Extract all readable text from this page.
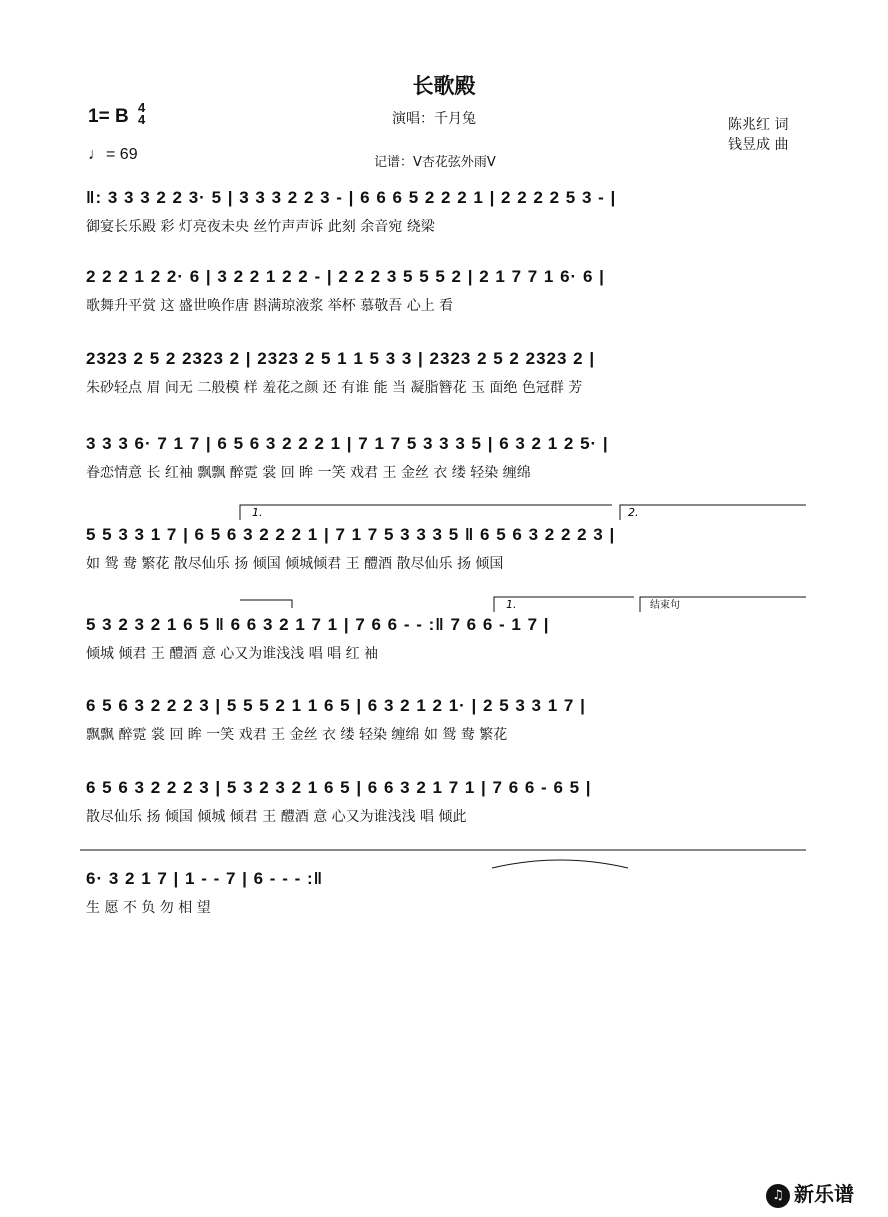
长歌殿
1= B 4
4
♩ = 69
演唱：千月兔
记谱：V杏花弦外雨V
陈兆红 词
钱昱成 曲
‖: 3 3 3 2 2 3· 5 | 3 3 3 2 2 3 - | 6 6 6 5 2 2 2 1 | 2 2 2 2 5 3 - |
御宴长乐殿 彩 灯亮夜未央 丝竹声声诉 此刻 余音宛 绕梁
2 2 2 1 2 2· 6 | 3 2 2 1 2 2 - | 2 2 2 3 5 5 5 2 | 2 1 7 7 1 6· 6 |
歌舞升平赏 这 盛世唤作唐 斟满琼液浆 举杯 慕敬吾 心上 看
2323 2 5 2 2323 2 | 2323 2 5 1 1 5 3 3 | 2323 2 5 2 2323 2 |
朱砂轻点 眉 间无 二般模 样 羞花之颜 还 有谁 能 当 凝脂簪花 玉 面绝 色冠群 芳
3 3 3 6· 7 1 7 | 6 5 6 3 2 2 2 1 | 7 1 7 5 3 3 3 5 | 6 3 2 1 2 5· |
眷恋情意 长 红袖 飘飘 醉霓 裳 回 眸 一笑 戏君 王 金丝 衣 缕 轻染 缠绵
5 5 3 3 1 7 | 6 5 6 3 2 2 2 1 | 7 1 7 5 3 3 3 5 ‖ 6 5 6 3 2 2 2 3 |
如 鸳 鸯 繁花 散尽仙乐 扬 倾国 倾城倾君 王 醴酒 散尽仙乐 扬 倾国
5 3 2 3 2 1 6 5 ‖ 6 6 3 2 1 7 1 | 7 6 6 - - :‖ 7 6 6 - 1 7 |
倾城 倾君 王 醴酒 意 心又为谁浅浅 唱 唱 红 袖
6 5 6 3 2 2 2 3 | 5 5 5 2 1 1 6 5 | 6 3 2 1 2 1· | 2 5 3 3 1 7 |
飘飘 醉霓 裳 回 眸 一笑 戏君 王 金丝 衣 缕 轻染 缠绵 如 鸳 鸯 繁花
6 5 6 3 2 2 2 3 | 5 3 2 3 2 1 6 5 | 6 6 3 2 1 7 1 | 7 6 6 - 6 5 |
散尽仙乐 扬 倾国 倾城 倾君 王 醴酒 意 心又为谁浅浅 唱 倾此
6· 3 2 1 7 | 1 - - 7 | 6 - - - :‖
生 愿 不 负 勿 相 望
1.	2.
1.	结束句
♫ 新乐谱
